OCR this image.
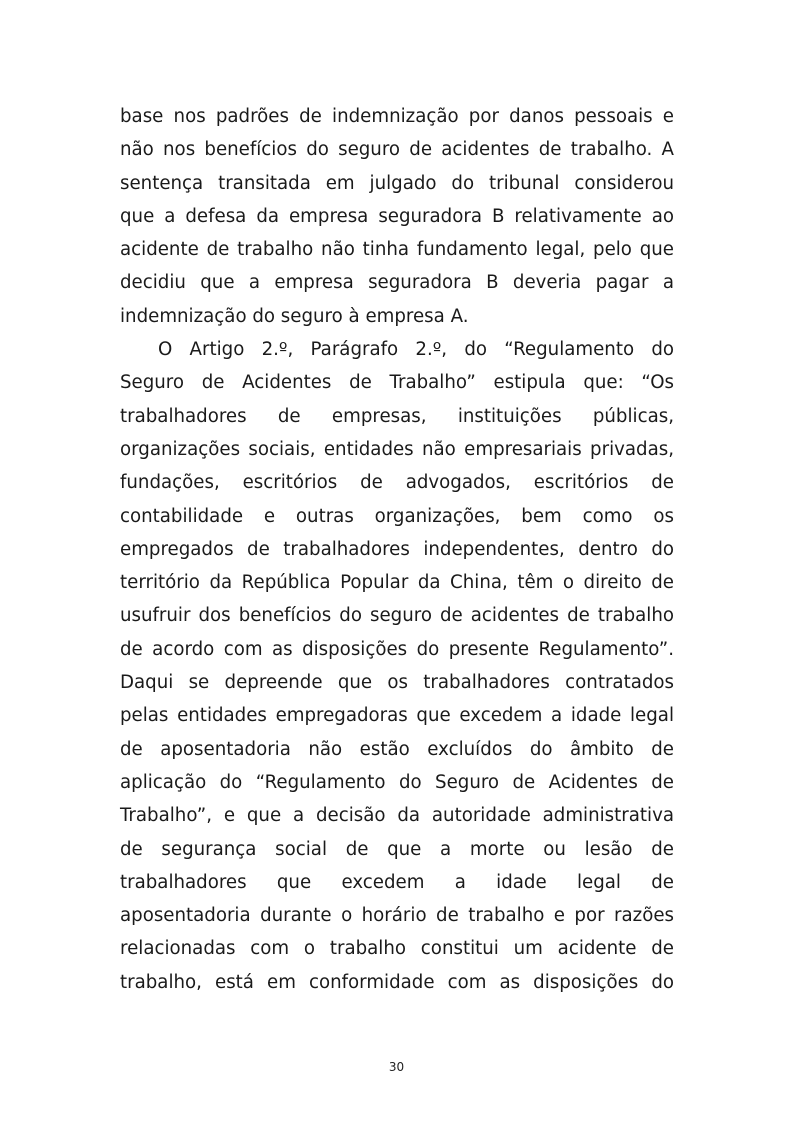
base nos padrões de indemnização por danos pessoais e
não nos benefícios do seguro de acidentes de trabalho. A
sentença transitada em julgado do tribunal considerou
que a defesa da empresa seguradora B relativamente ao
acidente de trabalho não tinha fundamento legal, pelo que
decidiu que a empresa seguradora B deveria pagar a
indemnização do seguro à empresa A.
O Artigo 2.º, Parágrafo 2.º, do “Regulamento do
Seguro de Acidentes de Trabalho” estipula que: “Os
trabalhadores de empresas, instituições públicas,
organizações sociais, entidades não empresariais privadas,
fundações, escritórios de advogados, escritórios de
contabilidade e outras organizações, bem como os
empregados de trabalhadores independentes, dentro do
território da República Popular da China, têm o direito de
usufruir dos benefícios do seguro de acidentes de trabalho
de acordo com as disposições do presente Regulamento”.
Daqui se depreende que os trabalhadores contratados
pelas entidades empregadoras que excedem a idade legal
de aposentadoria não estão excluídos do âmbito de
aplicação do “Regulamento do Seguro de Acidentes de
Trabalho”, e que a decisão da autoridade administrativa
de segurança social de que a morte ou lesão de
trabalhadores que excedem a idade legal de
aposentadoria durante o horário de trabalho e por razões
relacionadas com o trabalho constitui um acidente de
trabalho, está em conformidade com as disposições do
30
